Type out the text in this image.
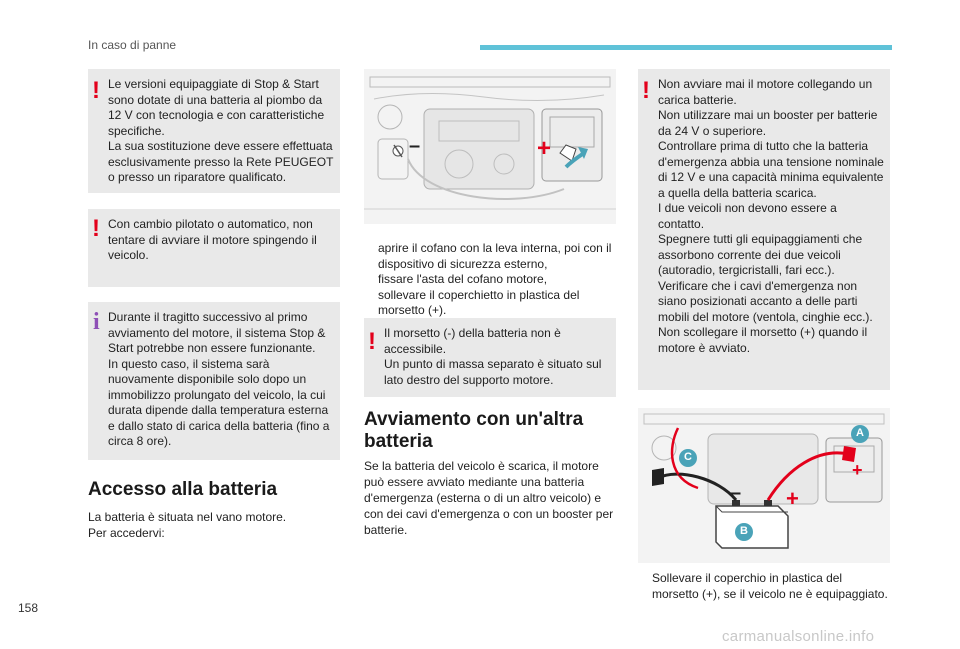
In caso di panne
! Le versioni equipaggiate di Stop & Start
sono dotate di una batteria al piombo da
12 V con tecnologia e con caratteristiche
specifiche.
La sua sostituzione deve essere effettuata
esclusivamente presso la Rete PEUGEOT
o presso un riparatore qualificato.
! Con cambio pilotato o automatico, non
tentare di avviare il motore spingendo il
veicolo.
i Durante il tragitto successivo al primo
avviamento del motore, il sistema Stop &
Start potrebbe non essere funzionante.
In questo caso, il sistema sarà
nuovamente disponibile solo dopo un
immobilizzo prolungato del veicolo, la cui
durata dipende dalla temperatura esterna
e dallo stato di carica della batteria (fino a
circa 8 ore).
Accesso alla batteria
La batteria è situata nel vano motore.
Per accedervi:
–	+
aprire il cofano con la leva interna, poi con il
dispositivo di sicurezza esterno,
fissare l'asta del cofano motore,
sollevare il coperchietto in plastica del
morsetto (+).
! Il morsetto (-) della batteria non è
accessibile.
Un punto di massa separato è situato sul
lato destro del supporto motore.
Avviamento con un'altra
batteria
Se la batteria del veicolo è scarica, il motore
può essere avviato mediante una batteria
d'emergenza (esterna o di un altro veicolo) e
con dei cavi d'emergenza o con un booster per
batterie.
! Non avviare mai il motore collegando un
carica batterie.
Non utilizzare mai un booster per batterie
da 24 V o superiore.
Controllare prima di tutto che la batteria
d'emergenza abbia una tensione nominale
di 12 V e una capacità minima equivalente
a quella della batteria scarica.
I due veicoli non devono essere a
contatto.
Spegnere tutti gli equipaggiamenti che
assorbono corrente dei due veicoli
(autoradio, tergicristalli, fari ecc.).
Verificare che i cavi d'emergenza non
siano posizionati accanto a delle parti
mobili del motore (ventola, cinghie ecc.).
Non scollegare il morsetto (+) quando il
motore è avviato.
A
B
C
– +
–	+
Sollevare il coperchio in plastica del
morsetto (+), se il veicolo ne è equipaggiato.
158
carmanualsonline.info
